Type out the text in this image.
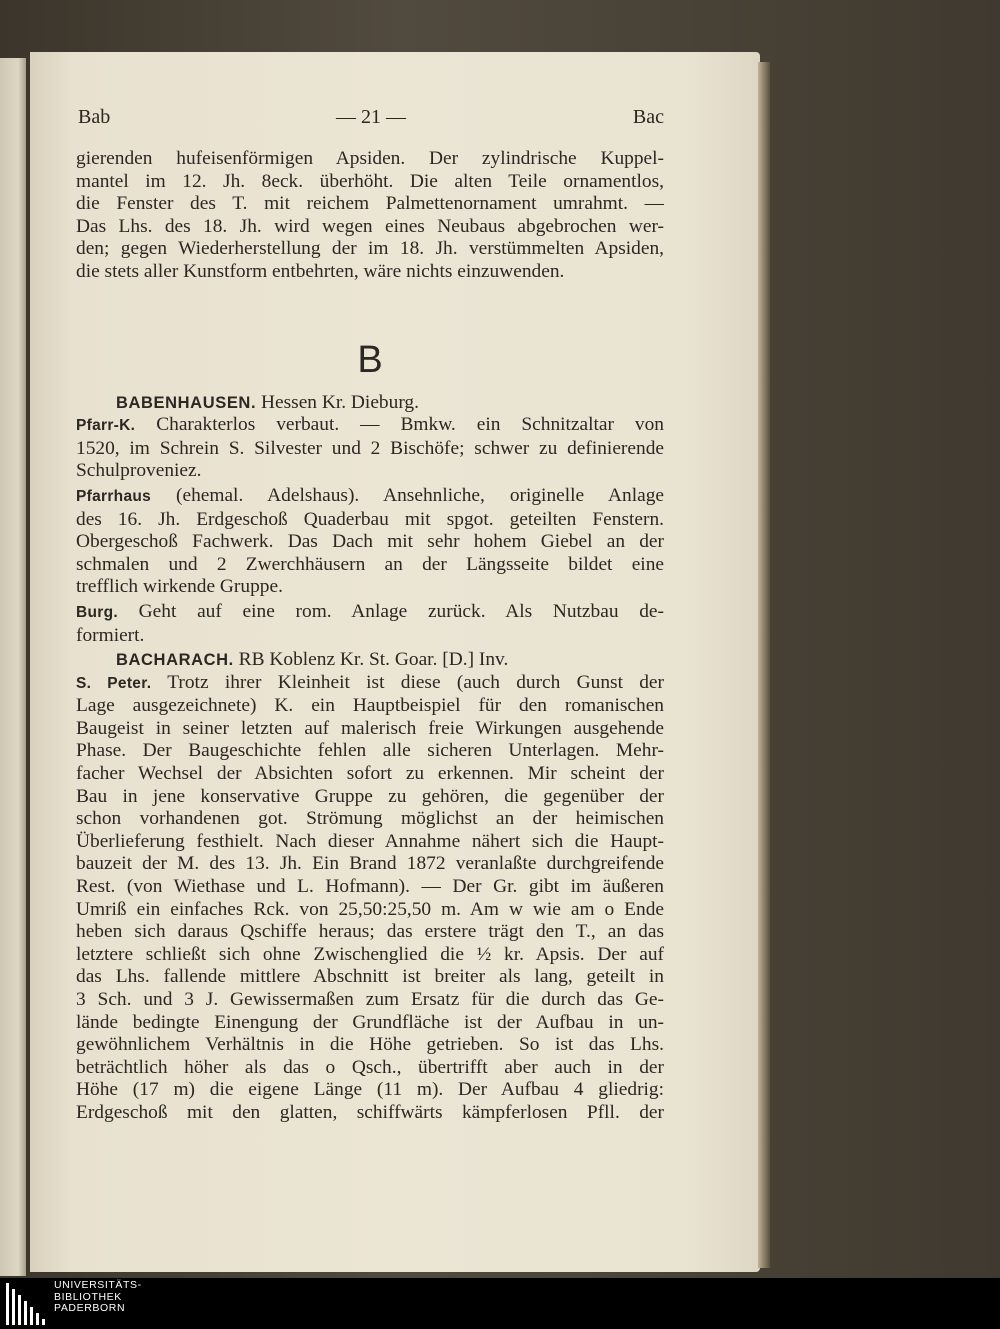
Bab	— 21 —	Bac

gierenden hufeisenförmigen Apsiden. Der zylindrische Kuppel-
mantel im 12. Jh. 8eck. überhöht. Die alten Teile ornamentlos,
die Fenster des T. mit reichem Palmettenornament umrahmt. —
Das Lhs. des 18. Jh. wird wegen eines Neubaus abgebrochen wer-
den; gegen Wiederherstellung der im 18. Jh. verstümmelten Apsiden,
die stets aller Kunstform entbehrten, wäre nichts einzuwenden.

B

BABENHAUSEN. Hessen Kr. Dieburg.

Pfarr-K. Charakterlos verbaut. — Bmkw. ein Schnitzaltar von
1520, im Schrein S. Silvester und 2 Bischöfe; schwer zu definierende
Schulproveniez.

Pfarrhaus (ehemal. Adelshaus). Ansehnliche, originelle Anlage
des 16. Jh. Erdgeschoß Quaderbau mit spgot. geteilten Fenstern.
Obergeschoß Fachwerk. Das Dach mit sehr hohem Giebel an der
schmalen und 2 Zwerchhäusern an der Längsseite bildet eine
trefflich wirkende Gruppe.

Burg. Geht auf eine rom. Anlage zurück. Als Nutzbau de-
formiert.

BACHARACH. RB Koblenz Kr. St. Goar. [D.] Inv.

S. Peter. Trotz ihrer Kleinheit ist diese (auch durch Gunst der
Lage ausgezeichnete) K. ein Hauptbeispiel für den romanischen
Baugeist in seiner letzten auf malerisch freie Wirkungen ausgehende
Phase. Der Baugeschichte fehlen alle sicheren Unterlagen. Mehr-
facher Wechsel der Absichten sofort zu erkennen. Mir scheint der
Bau in jene konservative Gruppe zu gehören, die gegenüber der
schon vorhandenen got. Strömung möglichst an der heimischen
Überlieferung festhielt. Nach dieser Annahme nähert sich die Haupt-
bauzeit der M. des 13. Jh. Ein Brand 1872 veranlaßte durchgreifende
Rest. (von Wiethase und L. Hofmann). — Der Gr. gibt im äußeren
Umriß ein einfaches Rck. von 25,50:25,50 m. Am w wie am o Ende
heben sich daraus Qschiffe heraus; das erstere trägt den T., an das
letztere schließt sich ohne Zwischenglied die ½ kr. Apsis. Der auf
das Lhs. fallende mittlere Abschnitt ist breiter als lang, geteilt in
3 Sch. und 3 J. Gewissermaßen zum Ersatz für die durch das Ge-
lände bedingte Einengung der Grundfläche ist der Aufbau in un-
gewöhnlichem Verhältnis in die Höhe getrieben. So ist das Lhs.
beträchtlich höher als das o Qsch., übertrifft aber auch in der
Höhe (17 m) die eigene Länge (11 m). Der Aufbau 4 gliedrig:
Erdgeschoß mit den glatten, schiffwärts kämpferlosen Pfll. der

UNIVERSITÄTS-
BIBLIOTHEK
PADERBORN
